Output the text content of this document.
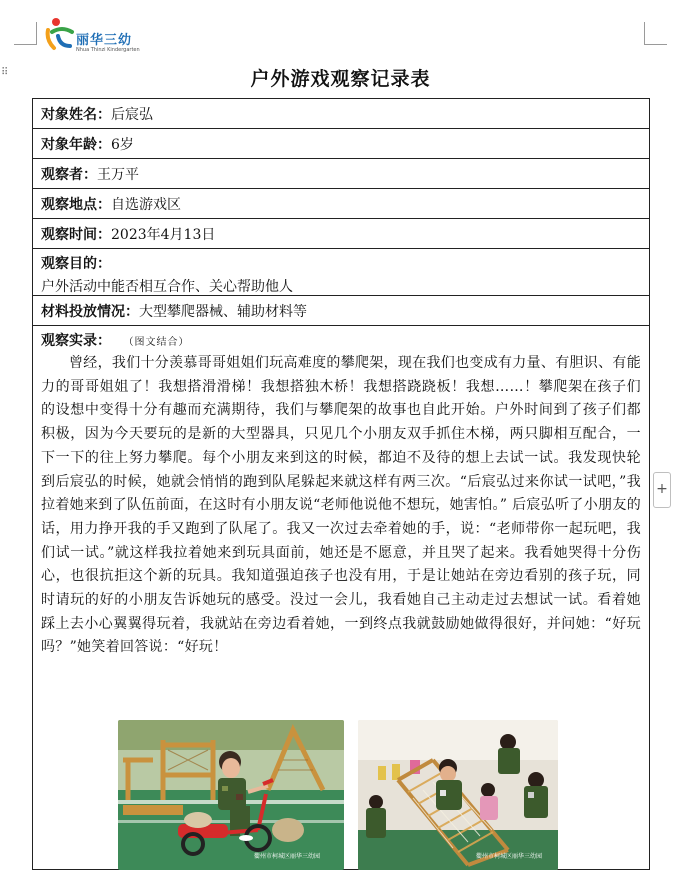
⠿
+
丽华三幼
Nhua Thinzi Kindergarten
户外游戏观察记录表
对象姓名： 后宸弘
对象年龄： 6岁
观察者： 王万平
观察地点： 自选游戏区
观察时间： 2023年4月13日
观察目的：
户外活动中能否相互合作、关心帮助他人
材料投放情况： 大型攀爬器械、辅助材料等
观察实录： （图文结合）

曾经，我们十分羡慕哥哥姐姐们玩高难度的攀爬架，现在我们也变成有力量、有胆识、有能力的哥哥姐姐了！我想搭滑滑梯！我想搭独木桥！我想搭跷跷板！我想……！攀爬架在孩子们的设想中变得十分有趣而充满期待，我们与攀爬架的故事也自此开始。户外时间到了孩子们都积极，因为今天要玩的是新的大型器具，只见几个小朋友双手抓住木梯，两只脚相互配合，一下一下的往上努力攀爬。每个小朋友来到这的时候，都迫不及待的想上去试一试。我发现快轮到后宸弘的时候，她就会悄悄的跑到队尾躲起来就这样有两三次。“后宸弘过来你试一试吧，”我拉着她来到了队伍前面，在这时有小朋友说“老师他说他不想玩，她害怕。” 后宸弘听了小朋友的话，用力挣开我的手又跑到了队尾了。我又一次过去牵着她的手，说：“老师带你一起玩吧，我们试一试。”就这样我拉着她来到玩具面前，她还是不愿意，并且哭了起来。我看她哭得十分伤心，也很抗拒这个新的玩具。我知道强迫孩子也没有用，于是让她站在旁边看别的孩子玩，同时请玩的好的小朋友告诉她玩的感受。没过一会儿，我看她自己主动走过去想试一试。看着她踩上去小心翼翼得玩着，我就站在旁边看着她，一到终点我就鼓励她做得很好，并问她：“好玩吗？”她笑着回答说：“好玩！

衢州市柯城区丽华三幼园	衢州市柯城区丽华三幼园
